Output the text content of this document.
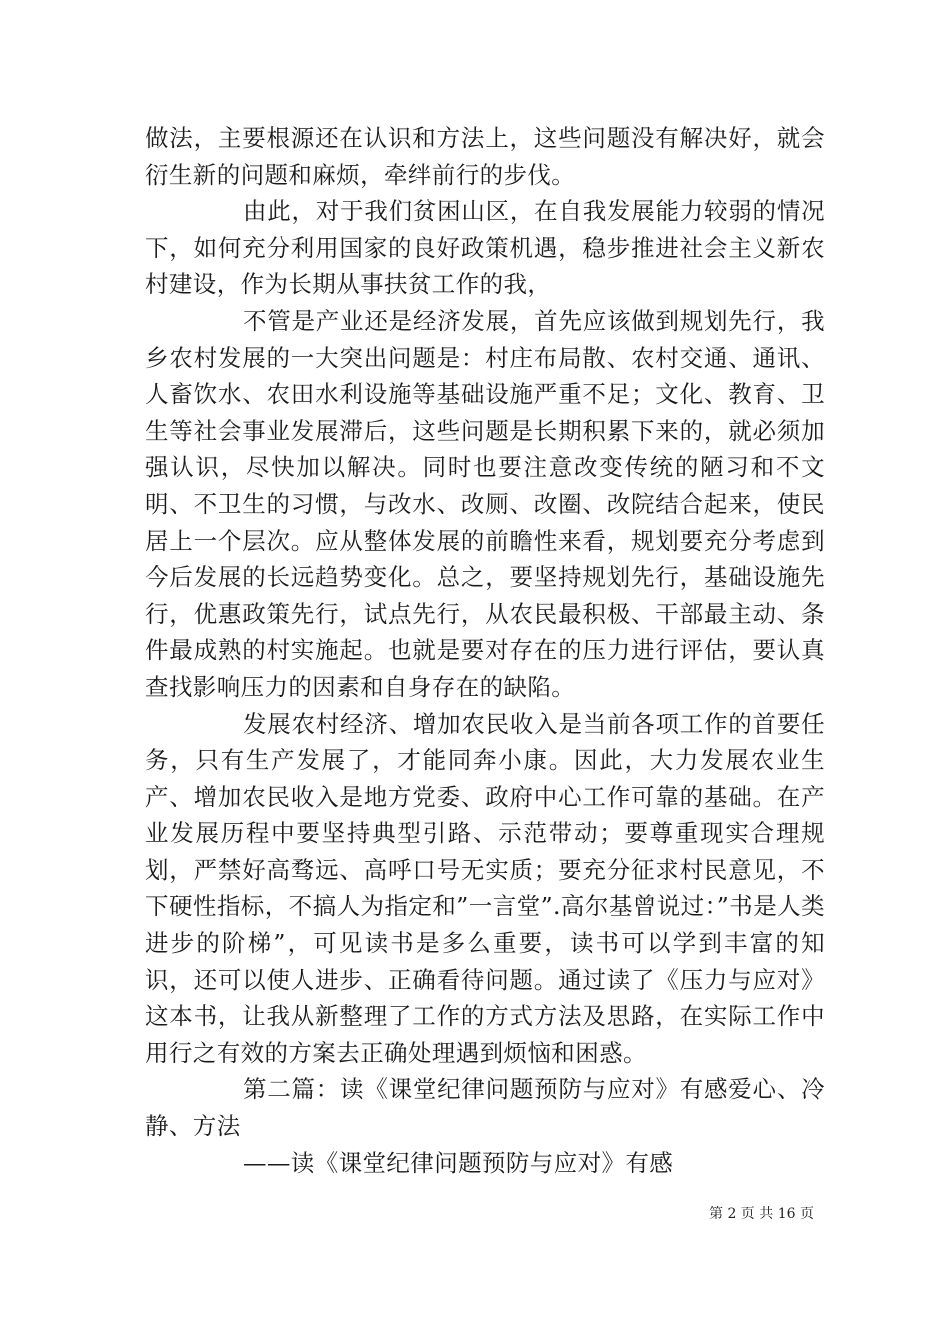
做法，主要根源还在认识和方法上，这些问题没有解决好，就会衍生新的问题和麻烦，牵绊前行的步伐。

由此，对于我们贫困山区，在自我发展能力较弱的情况下，如何充分利用国家的良好政策机遇，稳步推进社会主义新农村建设，作为长期从事扶贫工作的我，

不管是产业还是经济发展，首先应该做到规划先行，我乡农村发展的一大突出问题是：村庄布局散、农村交通、通讯、人畜饮水、农田水利设施等基础设施严重不足；文化、教育、卫生等社会事业发展滞后，这些问题是长期积累下来的，就必须加强认识，尽快加以解决。同时也要注意改变传统的陋习和不文明、不卫生的习惯，与改水、改厕、改圈、改院结合起来，使民居上一个层次。应从整体发展的前瞻性来看，规划要充分考虑到今后发展的长远趋势变化。总之，要坚持规划先行，基础设施先行，优惠政策先行，试点先行，从农民最积极、干部最主动、条件最成熟的村实施起。也就是要对存在的压力进行评估，要认真查找影响压力的因素和自身存在的缺陷。

发展农村经济、增加农民收入是当前各项工作的首要任务，只有生产发展了，才能同奔小康。因此，大力发展农业生产、增加农民收入是地方党委、政府中心工作可靠的基础。在产业发展历程中要坚持典型引路、示范带动；要尊重现实合理规划，严禁好高骛远、高呼口号无实质；要充分征求村民意见，不下硬性指标，不搞人为指定和”一言堂”.高尔基曾说过：”书是人类进步的阶梯”，可见读书是多么重要，读书可以学到丰富的知识，还可以使人进步、正确看待问题。通过读了《压力与应对》这本书，让我从新整理了工作的方式方法及思路，在实际工作中用行之有效的方案去正确处理遇到烦恼和困惑。

第二篇：读《课堂纪律问题预防与应对》有感爱心、冷静、方法

——读《课堂纪律问题预防与应对》有感

第 2 页 共 16 页
